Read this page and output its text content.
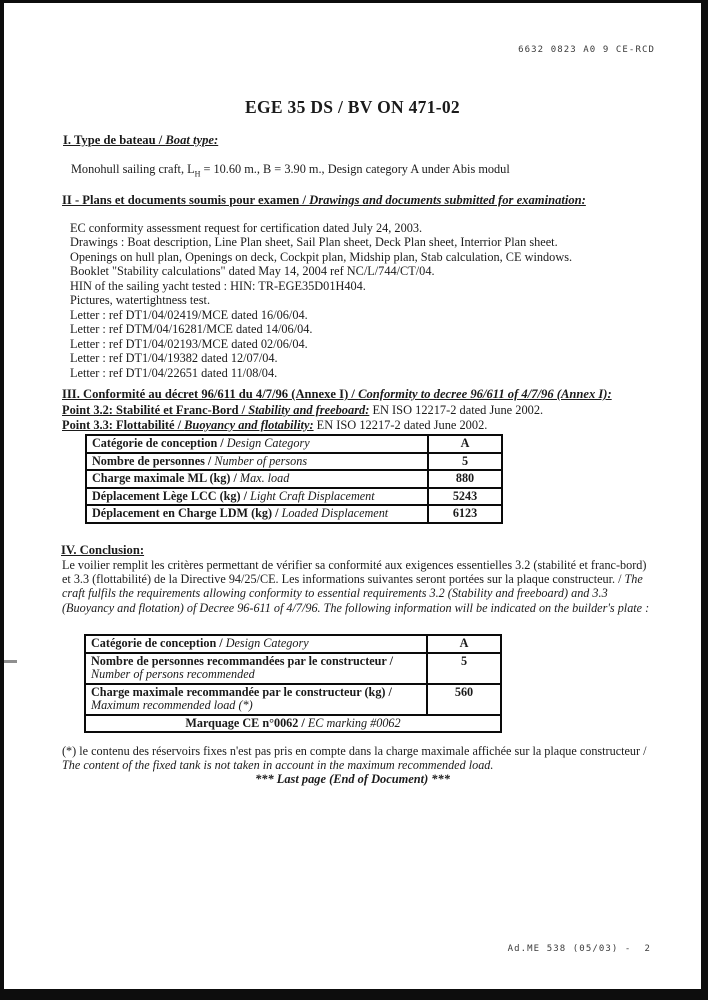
6632 0823 A0 9 CE-RCD
EGE 35 DS / BV ON 471-02
I. Type de bateau / Boat type:
Monohull sailing craft, $L_H = 10.60$ m., B = 3.90 m., Design category A under Abis modul
II - Plans et documents soumis pour examen / Drawings and documents submitted for examination:
EC conformity assessment request for certification dated July 24, 2003.
Drawings : Boat description, Line Plan sheet, Sail Plan sheet, Deck Plan sheet, Interrior Plan sheet.
Openings on hull plan, Openings on deck, Cockpit plan, Midship plan, Stab calculation, CE windows.
Booklet "Stability calculations" dated May 14, 2004 ref NC/L/744/CT/04.
HIN of the sailing yacht tested : HIN: TR-EGE35D01H404.
Pictures, watertightness test.
Letter : ref DT1/04/02419/MCE dated 16/06/04.
Letter : ref DTM/04/16281/MCE dated 14/06/04.
Letter : ref DT1/04/02193/MCE dated 02/06/04.
Letter : ref DT1/04/19382 dated 12/07/04.
Letter : ref DT1/04/22651 dated 11/08/04.
III. Conformité au décret 96/611 du 4/7/96 (Annexe I) / Conformity to decree 96/611 of 4/7/96 (Annex I):
Point 3.2: Stabilité et Franc-Bord / Stability and freeboard: EN ISO 12217-2 dated June 2002.
Point 3.3: Flottabilité / Buoyancy and flotability: EN ISO 12217-2 dated June 2002.
Catégorie de conception / Design Category	A
Nombre de personnes / Number of persons	5
Charge maximale ML (kg) / Max. load	880
Déplacement Lège LCC (kg) / Light Craft Displacement	5243
Déplacement en Charge LDM (kg) / Loaded Displacement	6123
IV. Conclusion:
Le voilier remplit les critères permettant de vérifier sa conformité aux exigences essentielles 3.2 (stabilité et franc-bord) et 3.3 (flottabilité) de la Directive 94/25/CE. Les informations suivantes seront portées sur la plaque constructeur. / The craft fulfils the requirements allowing conformity to essential requirements 3.2 (Stability and freeboard) and 3.3 (Buoyancy and flotation) of Decree 96-611 of 4/7/96. The following information will be indicated on the builder's plate :
Catégorie de conception / Design Category	A

Nombre de personnes recommandées par le constructeur /
Number of persons recommended	5

Charge maximale recommandée par le constructeur (kg) /
Maximum recommended load (*)	560
Marquage CE n°0062 / EC marking #0062	
(*) le contenu des réservoirs fixes n'est pas pris en compte dans la charge maximale affichée sur la plaque constructeur / The content of the fixed tank is not taken in account in the maximum recommended load.
*** Last page (End of Document) ***
Ad.ME 538 (05/03) -  2
